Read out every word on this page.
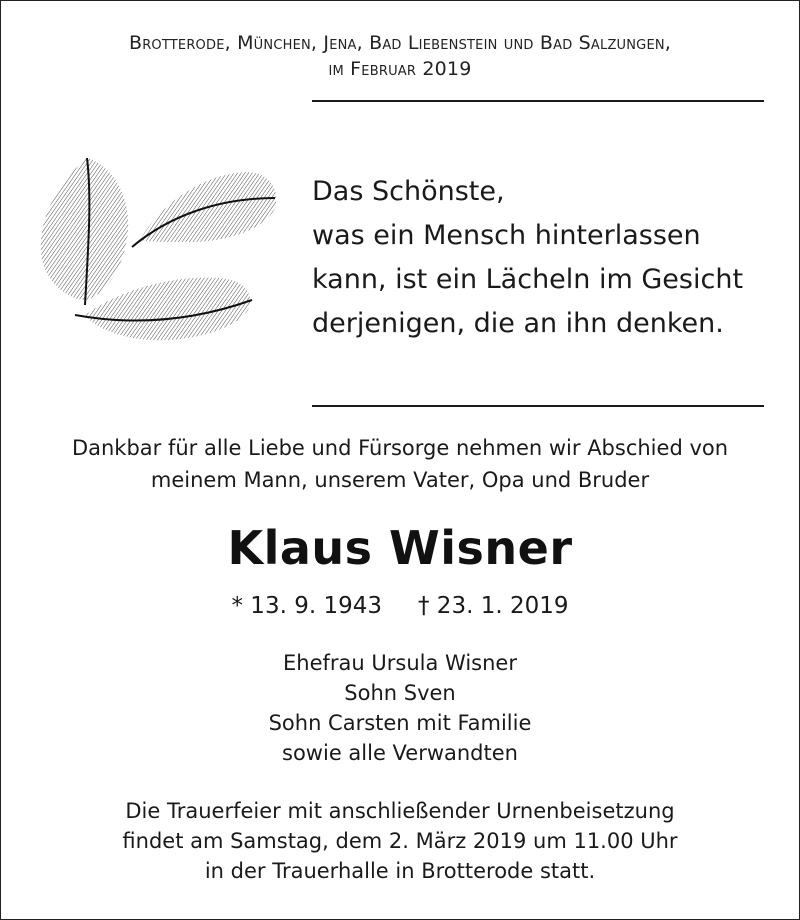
Brotterode, München, Jena, Bad Liebenstein und Bad Salzungen,
im Februar 2019
Das Schönste,
was ein Mensch hinterlassen
kann, ist ein Lächeln im Gesicht
derjenigen, die an ihn denken.
Dankbar für alle Liebe und Fürsorge nehmen wir Abschied von
meinem Mann, unserem Vater, Opa und Bruder
Klaus Wisner
* 13. 9. 1943 † 23. 1. 2019
Ehefrau Ursula Wisner
Sohn Sven
Sohn Carsten mit Familie
sowie alle Verwandten
Die Trauerfeier mit anschließender Urnenbeisetzung
findet am Samstag, dem 2. März 2019 um 11.00 Uhr
in der Trauerhalle in Brotterode statt.
